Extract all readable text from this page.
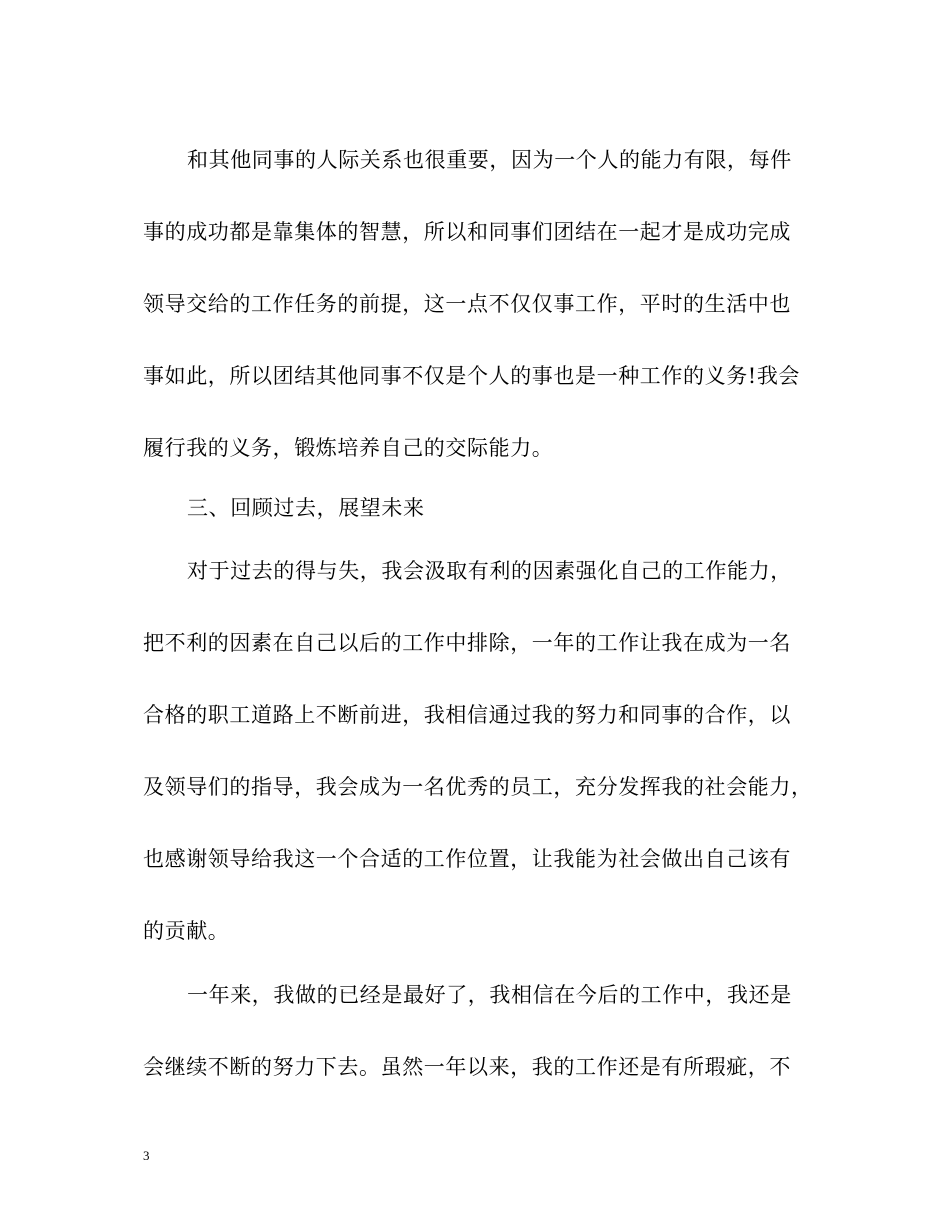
和其他同事的人际关系也很重要，因为一个人的能力有限，每件
事的成功都是靠集体的智慧，所以和同事们团结在一起才是成功完成
领导交给的工作任务的前提，这一点不仅仅事工作，平时的生活中也
事如此，所以团结其他同事不仅是个人的事也是一种工作的义务!我会
履行我的义务，锻炼培养自己的交际能力。
三、回顾过去，展望未来
对于过去的得与失，我会汲取有利的因素强化自己的工作能力，
把不利的因素在自己以后的工作中排除，一年的工作让我在成为一名
合格的职工道路上不断前进，我相信通过我的努力和同事的合作，以
及领导们的指导，我会成为一名优秀的员工，充分发挥我的社会能力，
也感谢领导给我这一个合适的工作位置，让我能为社会做出自己该有
的贡献。
一年来，我做的已经是最好了，我相信在今后的工作中，我还是
会继续不断的努力下去。虽然一年以来，我的工作还是有所瑕疵，不
3
